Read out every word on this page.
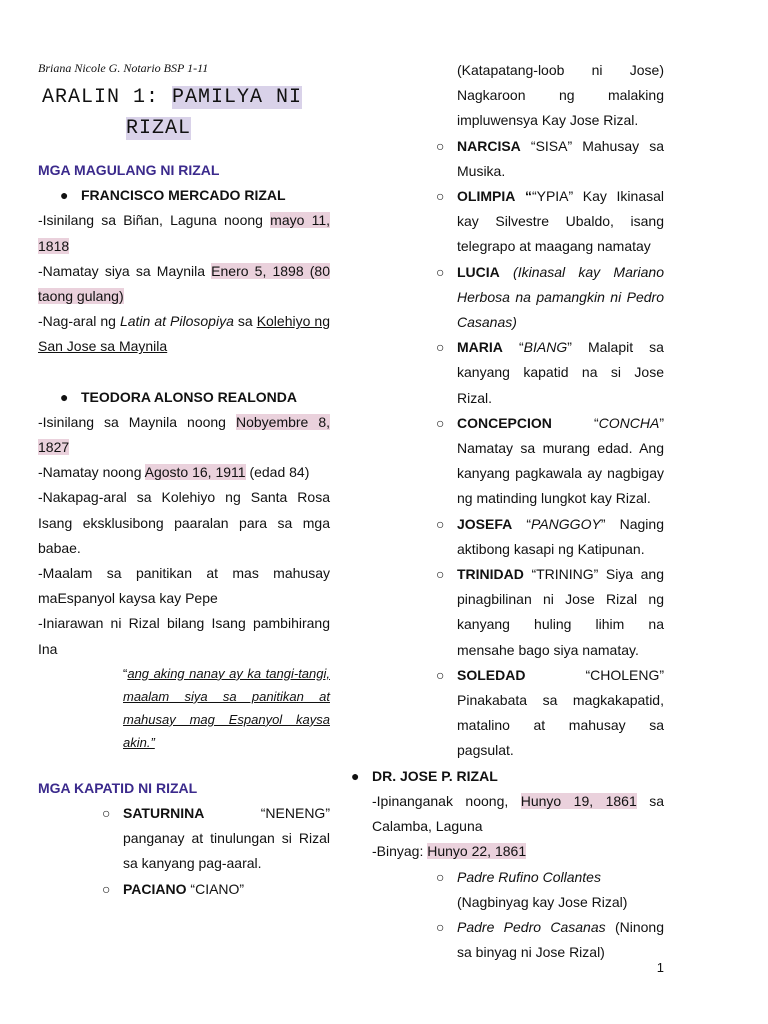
Briana Nicole G. Notario BSP 1-11
ARALIN 1: PAMILYA NI
RIZAL
MGA MAGULANG NI RIZAL
● FRANCISCO MERCADO RIZAL
-Isinilang sa Biñan, Laguna noong mayo 11, 1818
-Namatay siya sa Maynila Enero 5, 1898 (80 taong gulang)
-Nag-aral ng Latin at Pilosopiya sa Kolehiyo ng San Jose sa Maynila
● TEODORA ALONSO REALONDA
-Isinilang sa Maynila noong Nobyembre 8, 1827
-Namatay noong Agosto 16, 1911 (edad 84)
-Nakapag-aral sa Kolehiyo ng Santa Rosa Isang eksklusibong paaralan para sa mga babae.
-Maalam sa panitikan at mas mahusay maEspanyol kaysa kay Pepe
-Iniarawan ni Rizal bilang Isang pambihirang Ina
“ang aking nanay ay ka tangi-tangi, maalam siya sa panitikan at mahusay mag Espanyol kaysa akin.”
MGA KAPATID NI RIZAL
○ SATURNINA	“NENENG”

panganay at tinulungan si Rizal sa kanyang pag-aaral.
○ PACIANO “CIANO”
(Katapatang-loob ni Jose) Nagkaroon ng malaking impluwensya Kay Jose Rizal.
○ NARCISA “SISA” Mahusay sa Musika.
○ OLIMPIA ““YPIA” Kay Ikinasal kay Silvestre Ubaldo, isang telegrapo at maagang namatay
○ LUCIA (Ikinasal kay Mariano Herbosa na pamangkin ni Pedro Casanas)
○ MARIA “BIANG” Malapit sa kanyang kapatid na si Jose Rizal.
○ CONCEPCION	“CONCHA”

Namatay sa murang edad. Ang kanyang pagkawala ay nagbigay ng matinding lungkot kay Rizal.
○ JOSEFA “PANGGOY” Naging aktibong kasapi ng Katipunan.
○ TRINIDAD “TRINING” Siya ang pinagbilinan ni Jose Rizal ng kanyang huling lihim na mensahe bago siya namatay.
○ SOLEDAD	“CHOLENG”

Pinakabata sa magkakapatid, matalino at mahusay sa pagsulat.
● DR. JOSE P. RIZAL
-Ipinanganak noong, Hunyo 19, 1861 sa Calamba, Laguna
-Binyag: Hunyo 22, 1861
○ Padre Rufino Collantes
(Nagbinyag kay Jose Rizal)
○ Padre Pedro Casanas (Ninong sa binyag ni Jose Rizal)
1
